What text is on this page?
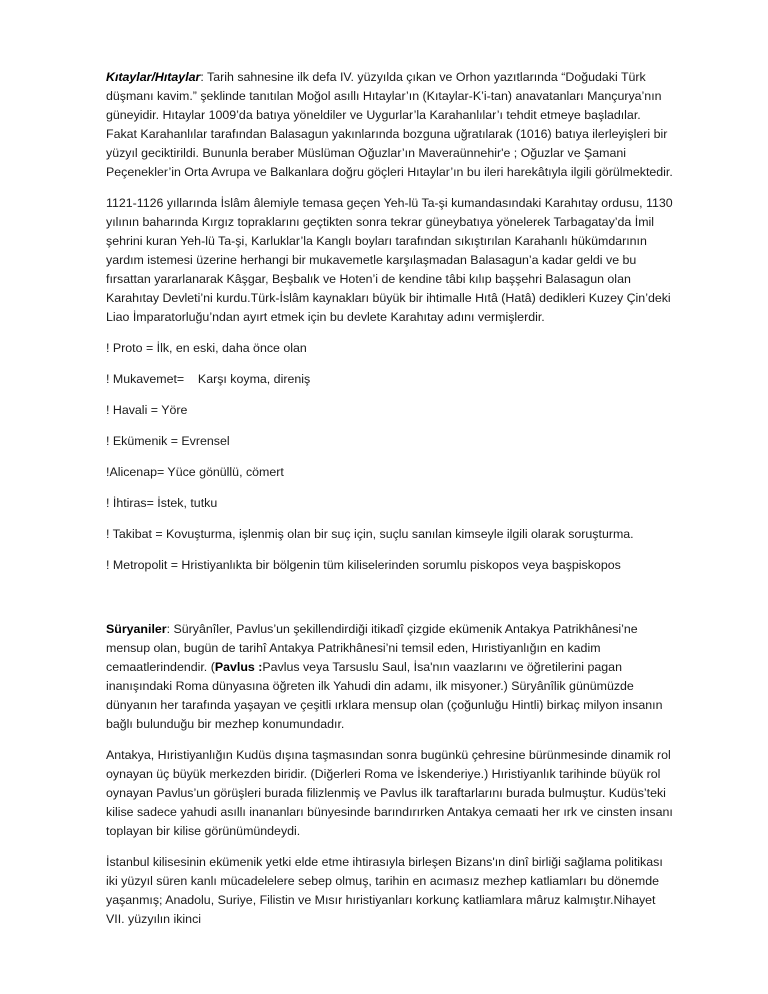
Kıtaylar/Hıtaylar: Tarih sahnesine ilk defa IV. yüzyılda çıkan ve Orhon yazıtlarında “Doğudaki Türk düşmanı kavim.” şeklinde tanıtılan Moğol asıllı Hıtaylar’ın (Kıtaylar-K’i-tan) anavatanları Mançurya’nın güneyidir. Hıtaylar 1009’da batıya yöneldiler ve Uygurlar’la Karahanlılar’ı tehdit etmeye başladılar. Fakat Karahanlılar tarafından Balasagun yakınlarında bozguna uğratılarak (1016) batıya ilerleyişleri bir yüzyıl geciktirildi. Bununla beraber Müslüman Oğuzlar’ın Maveraünnehir'e ; Oğuzlar ve Şamani Peçenekler’in Orta Avrupa ve Balkanlara doğru göçleri Hıtaylar’ın bu ileri harekâtıyla ilgili görülmektedir.

1121-1126 yıllarında İslâm âlemiyle temasa geçen Yeh-lü Ta-şi kumandasındaki Karahıtay ordusu, 1130 yılının baharında Kırgız topraklarını geçtikten sonra tekrar güneybatıya yönelerek Tarbagatay’da İmil şehrini kuran Yeh-lü Ta-şi, Karluklar’la Kanglı boyları tarafından sıkıştırılan Karahanlı hükümdarının yardım istemesi üzerine herhangi bir mukavemetle karşılaşmadan Balasagun’a kadar geldi ve bu fırsattan yararlanarak Kâşgar, Beşbalık ve Hoten’i de kendine tâbi kılıp başşehri Balasagun olan Karahıtay Devleti’ni kurdu.Türk-İslâm kaynakları büyük bir ihtimalle Hıtâ (Hatâ) dedikleri Kuzey Çin’deki Liao İmparatorluğu’ndan ayırt etmek için bu devlete Karahıtay adını vermişlerdir.

! Proto = İlk, en eski, daha önce olan

! Mukavemet=    Karşı koyma, direniş

! Havali = Yöre

! Ekümenik = Evrensel

!Alicenap= Yüce gönüllü, cömert

! İhtiras= İstek, tutku

! Takibat = Kovuşturma, işlenmiş olan bir suç için, suçlu sanılan kimseyle ilgili olarak soruşturma.

! Metropolit = Hristiyanlıkta bir bölgenin tüm kiliselerinden sorumlu piskopos veya başpiskopos

Süryaniler: Süryânîler, Pavlus’un şekillendirdiği itikadî çizgide ekümenik Antakya Patrikhânesi’ne mensup olan, bugün de tarihî Antakya Patrikhânesi’ni temsil eden, Hıristiyanlığın en kadim cemaatlerindendir. (Pavlus :Pavlus veya Tarsuslu Saul, İsa'nın vaazlarını ve öğretilerini pagan inanışındaki Roma dünyasına öğreten ilk Yahudi din adamı, ilk misyoner.) Süryânîlik günümüzde dünyanın her tarafında yaşayan ve çeşitli ırklara mensup olan (çoğunluğu Hintli) birkaç milyon insanın bağlı bulunduğu bir mezhep konumundadır.

Antakya, Hıristiyanlığın Kudüs dışına taşmasından sonra bugünkü çehresine bürünmesinde dinamik rol oynayan üç büyük merkezden biridir. (Diğerleri Roma ve İskenderiye.) Hıristiyanlık tarihinde büyük rol oynayan Pavlus’un görüşleri burada filizlenmiş ve Pavlus ilk taraftarlarını burada bulmuştur. Kudüs’teki kilise sadece yahudi asıllı inananları bünyesinde barındırırken Antakya cemaati her ırk ve cinsten insanı toplayan bir kilise görünümündeydi.

İstanbul kilisesinin ekümenik yetki elde etme ihtirasıyla birleşen Bizans'ın dinî birliği sağlama politikası iki yüzyıl süren kanlı mücadelelere sebep olmuş, tarihin en acımasız mezhep katliamları bu dönemde yaşanmış; Anadolu, Suriye, Filistin ve Mısır hıristiyanları korkunç katliamlara mâruz kalmıştır.Nihayet VII. yüzyılın ikinci
